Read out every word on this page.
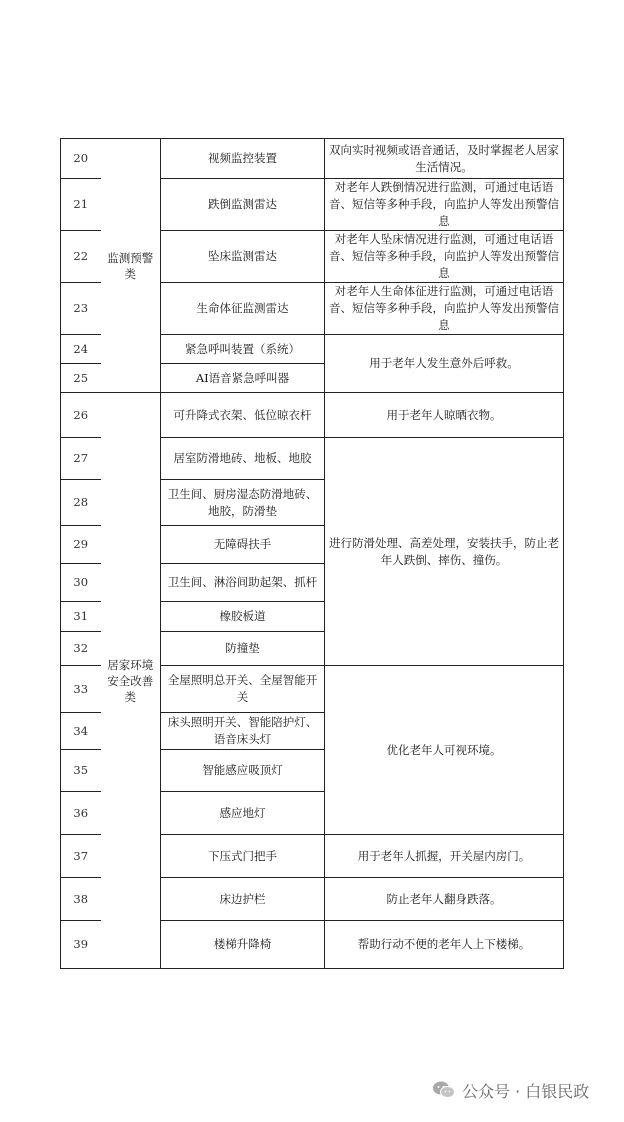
20	监测预警类	视频监控装置	双向实时视频或语音通话，及时掌握老人居家生活情况。
21		跌倒监测雷达	对老年人跌倒情况进行监测，可通过电话语音、短信等多种手段，向监护人等发出预警信息
22		坠床监测雷达	对老年人坠床情况进行监测，可通过电话语音、短信等多种手段，向监护人等发出预警信息
23		生命体征监测雷达	对老年人生命体征进行监测，可通过电话语音、短信等多种手段，向监护人等发出预警信息
24		紧急呼叫装置（系统）	用于老年人发生意外后呼救。
25		AI语音紧急呼叫器	
26	居家环境安全改善类	可升降式衣架、低位晾衣杆	用于老年人晾晒衣物。
27		居室防滑地砖、地板、地胶	进行防滑处理、高差处理，安装扶手，防止老年人跌倒、摔伤、撞伤。
28		卫生间、厨房湿态防滑地砖、地胶，防滑垫	
29		无障碍扶手	
30		卫生间、淋浴间助起架、抓杆	
31		橡胶板道	
32		防撞垫	
33		全屋照明总开关、全屋智能开关	优化老年人可视环境。
34		床头照明开关、智能陪护灯、语音床头灯	
35		智能感应吸顶灯	
36		感应地灯	
37		下压式门把手	用于老年人抓握，开关屋内房门。
38		床边护栏	防止老年人翻身跌落。
39		楼梯升降椅	帮助行动不便的老年人上下楼梯。
公众号 · 白银民政
